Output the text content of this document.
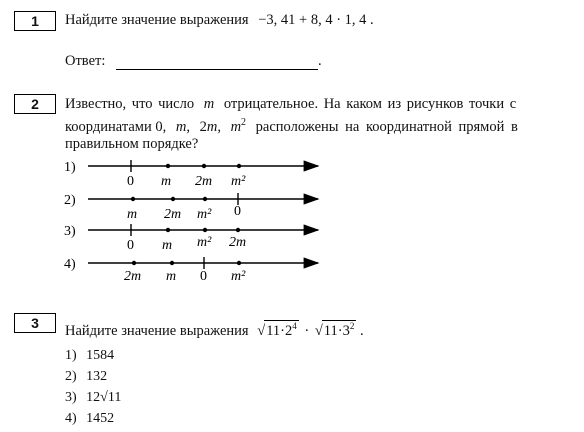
1	Найдите значение выражения −3, 41 + 8, 4 · 1, 4 .
Ответ:	.
2	Известно, что число m отрицательное. На каком из рисунков точки с
координатами 0, m, 2m, $m^2$ расположены на координатной прямой в
правильном порядке?
1)
2)
3)
4)
0 m 2m m²
m 2m m² 0
0 m m² 2m
2m m 0 m²
3	Найдите значение выражения $√11\cdot 2^4 \cdot √11\cdot 3^2$ .
1) 1584
2) 132
3) 12√11
4) 1452
